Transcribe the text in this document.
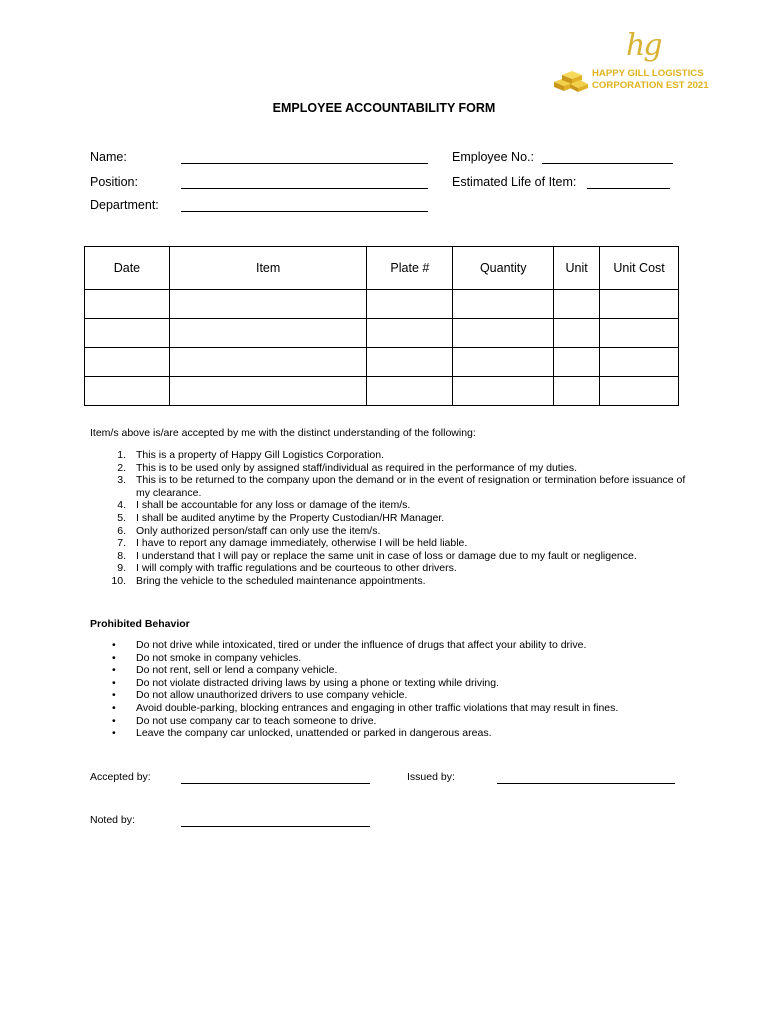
hg
HAPPY GILL LOGISTICS
CORPORATION EST 2021
EMPLOYEE ACCOUNTABILITY FORM
Name:
Position:
Department:
Employee No.:
Estimated Life of Item:
Date	Item	Plate #	Quantity	Unit	Unit Cost

Item/s above is/are accepted by me with the distinct understanding of the following:
1. This is a property of Happy Gill Logistics Corporation.
2. This is to be used only by assigned staff/individual as required in the performance of my duties.
3. This is to be returned to the company upon the demand or in the event of resignation or termination before issuance of my clearance.
4. I shall be accountable for any loss or damage of the item/s.
5. I shall be audited anytime by the Property Custodian/HR Manager.
6. Only authorized person/staff can only use the item/s.
7. I have to report any damage immediately, otherwise I will be held liable.
8. I understand that I will pay or replace the same unit in case of loss or damage due to my fault or negligence.
9. I will comply with traffic regulations and be courteous to other drivers.
10. Bring the vehicle to the scheduled maintenance appointments.
Prohibited Behavior
• Do not drive while intoxicated, tired or under the influence of drugs that affect your ability to drive.
• Do not smoke in company vehicles.
• Do not rent, sell or lend a company vehicle.
• Do not violate distracted driving laws by using a phone or texting while driving.
• Do not allow unauthorized drivers to use company vehicle.
• Avoid double-parking, blocking entrances and engaging in other traffic violations that may result in fines.
• Do not use company car to teach someone to drive.
• Leave the company car unlocked, unattended or parked in dangerous areas.
Accepted by:	Issued by:
Noted by:
